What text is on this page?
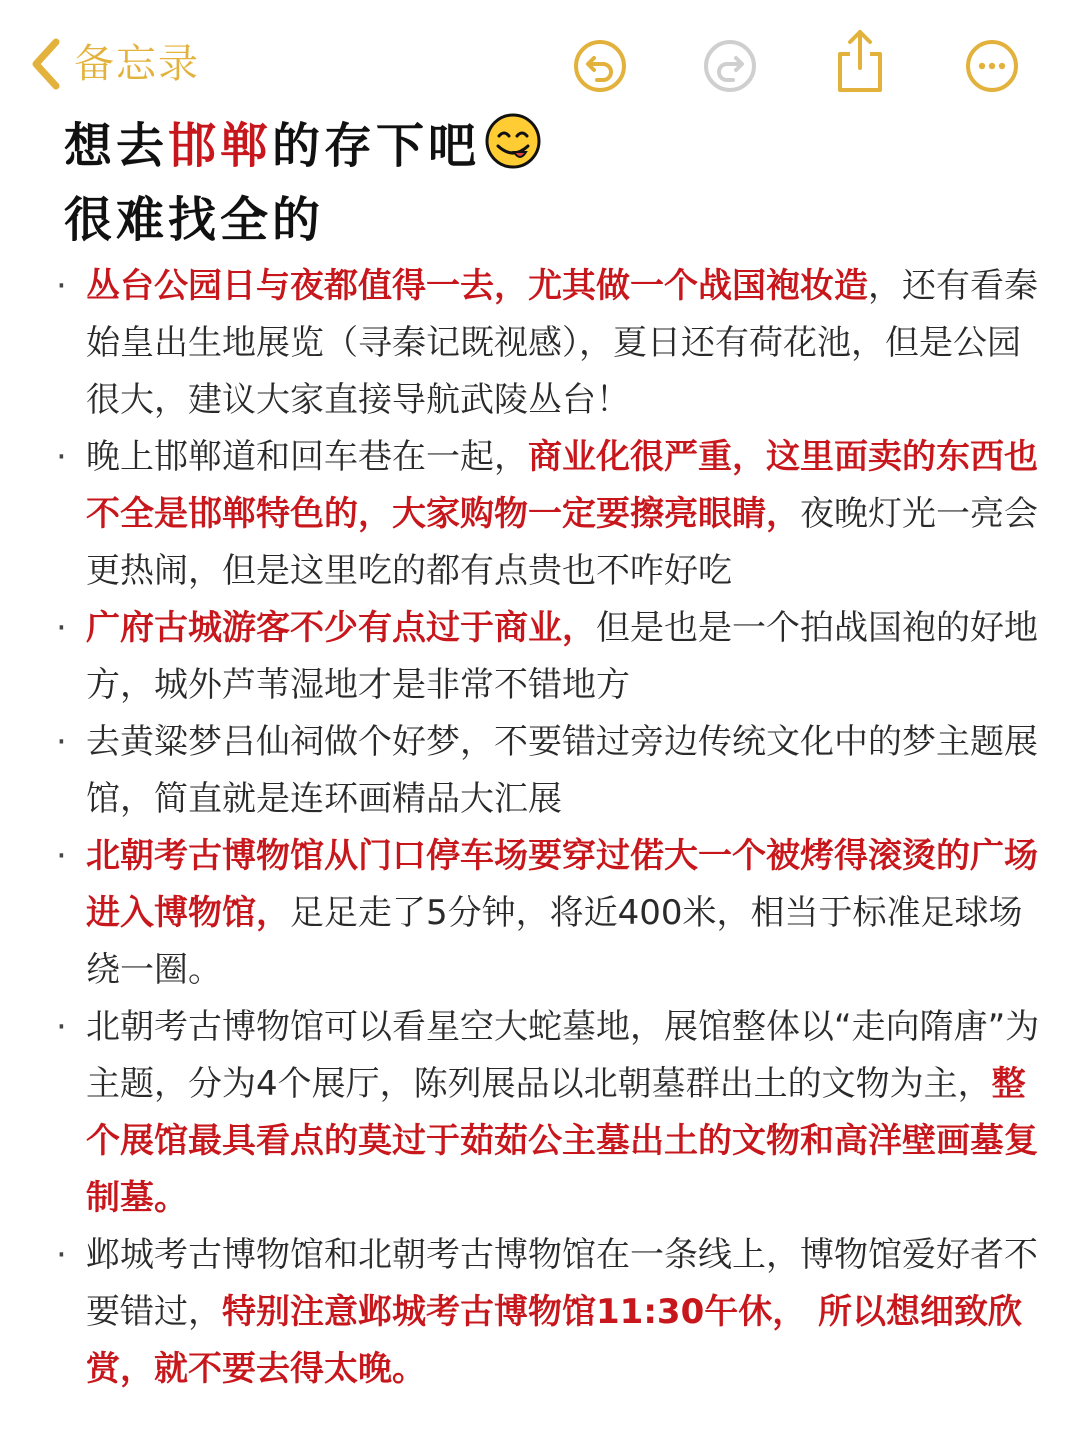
备忘录
想去邯郸的存下吧
很难找全的
· 丛台公园日与夜都值得一去，尤其做一个战国袍妆造，还有看秦始皇出生地展览（寻秦记既视感），夏日还有荷花池，但是公园很大，建议大家直接导航武陵丛台！
· 晚上邯郸道和回车巷在一起，商业化很严重，这里面卖的东西也不全是邯郸特色的，大家购物一定要擦亮眼睛，夜晚灯光一亮会更热闹，但是这里吃的都有点贵也不咋好吃
· 广府古城游客不少有点过于商业，但是也是一个拍战国袍的好地方，城外芦苇湿地才是非常不错地方
· 去黄粱梦吕仙祠做个好梦，不要错过旁边传统文化中的梦主题展馆，简直就是连环画精品大汇展
· 北朝考古博物馆从门口停车场要穿过偌大一个被烤得滚烫的广场进入博物馆，足足走了5分钟，将近400米，相当于标准足球场绕一圈。
· 北朝考古博物馆可以看星空大蛇墓地，展馆整体以“走向隋唐”为主题，分为4个展厅，陈列展品以北朝墓群出土的文物为主，整个展馆最具看点的莫过于茹茹公主墓出土的文物和高洋壁画墓复制墓。
· 邺城考古博物馆和北朝考古博物馆在一条线上，博物馆爱好者不要错过，特别注意邺城考古博物馆11:30午休， 所以想细致欣赏，就不要去得太晚。
